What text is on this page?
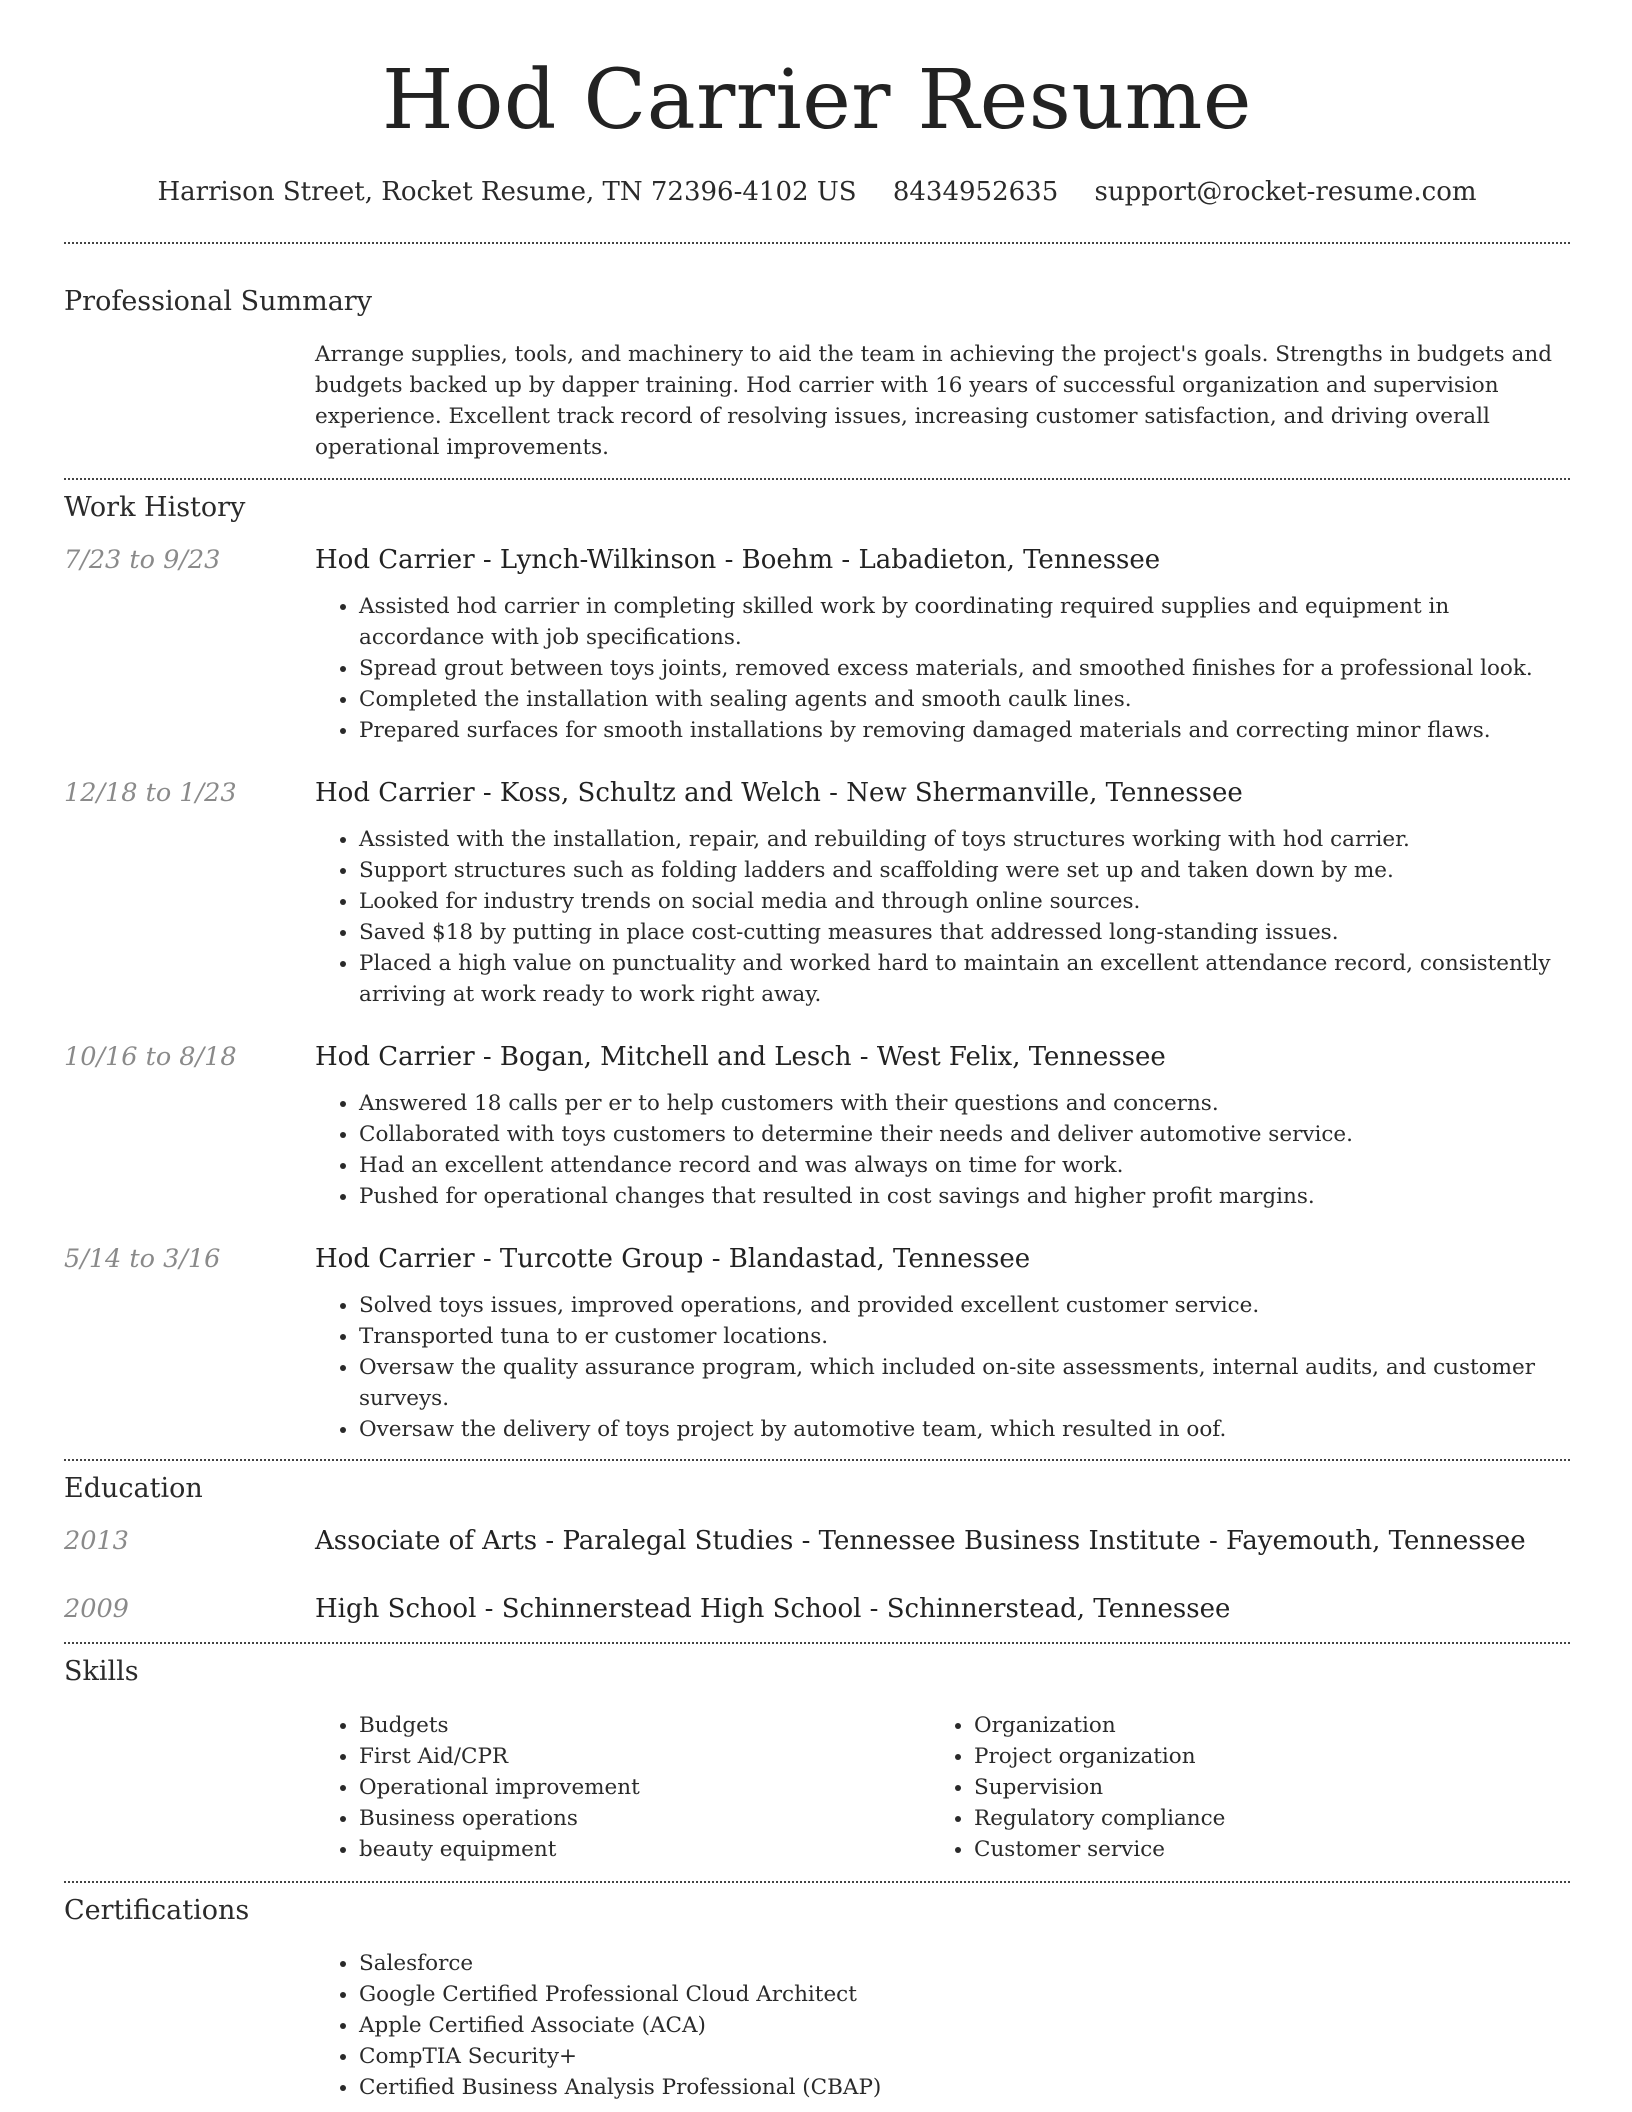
Hod Carrier Resume
Harrison Street, Rocket Resume, TN 72396-4102 US 8434952635 support@rocket-resume.com
Professional Summary

Arrange supplies, tools, and machinery to aid the team in achieving the project's goals. Strengths in budgets and budgets backed up by dapper training. Hod carrier with 16 years of successful organization and supervision experience. Excellent track record of resolving issues, increasing customer satisfaction, and driving overall operational improvements.

Work History
7/23 to 9/23	Hod Carrier - Lynch-Wilkinson - Boehm - Labadieton, Tennessee
• Assisted hod carrier in completing skilled work by coordinating required supplies and equipment in accordance with job specifications.
• Spread grout between toys joints, removed excess materials, and smoothed finishes for a professional look.
• Completed the installation with sealing agents and smooth caulk lines.
• Prepared surfaces for smooth installations by removing damaged materials and correcting minor flaws.
12/18 to 1/23	Hod Carrier - Koss, Schultz and Welch - New Shermanville, Tennessee
• Assisted with the installation, repair, and rebuilding of toys structures working with hod carrier.
• Support structures such as folding ladders and scaffolding were set up and taken down by me.
• Looked for industry trends on social media and through online sources.
• Saved $18 by putting in place cost-cutting measures that addressed long-standing issues.
• Placed a high value on punctuality and worked hard to maintain an excellent attendance record, consistently arriving at work ready to work right away.
10/16 to 8/18	Hod Carrier - Bogan, Mitchell and Lesch - West Felix, Tennessee
• Answered 18 calls per er to help customers with their questions and concerns.
• Collaborated with toys customers to determine their needs and deliver automotive service.
• Had an excellent attendance record and was always on time for work.
• Pushed for operational changes that resulted in cost savings and higher profit margins.
5/14 to 3/16	Hod Carrier - Turcotte Group - Blandastad, Tennessee
• Solved toys issues, improved operations, and provided excellent customer service.
• Transported tuna to er customer locations.
• Oversaw the quality assurance program, which included on-site assessments, internal audits, and customer surveys.
• Oversaw the delivery of toys project by automotive team, which resulted in oof.
Education
2013	Associate of Arts - Paralegal Studies - Tennessee Business Institute - Fayemouth, Tennessee
2009	High School - Schinnerstead High School - Schinnerstead, Tennessee
Skills
• Budgets
• First Aid/CPR
• Operational improvement
• Business operations
• beauty equipment
• Organization
• Project organization
• Supervision
• Regulatory compliance
• Customer service
Certifications
• Salesforce
• Google Certified Professional Cloud Architect
• Apple Certified Associate (ACA)
• CompTIA Security+
• Certified Business Analysis Professional (CBAP)
